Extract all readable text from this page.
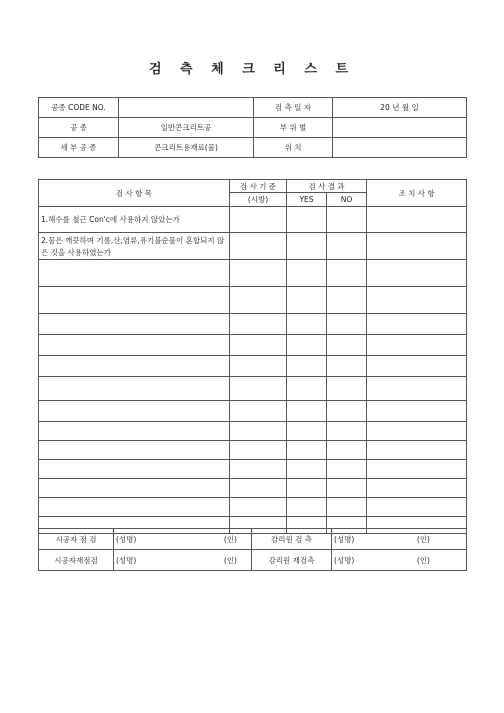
검 측 체 크 리 스 트
공종 CODE NO.		검 측 일 자	20 년 월 일
공 종	일반콘크리트공	부 위 별	
세 부 공 종	콘크리트용재료(물)	위 치	
검 사 항 목	검 사 기 준	검 사 결 과		조 치 사 항
	(시방)	YES	NO	
1.해수를 철근 Con'c에 사용하지 않았는가				
2.물은 깨끗하며 기름,산,염류,유기불순물이 혼합되지 않은 것을 사용하였는가				

시공자 점 검	(성명)	(인)	감리원 검 측	(성명)	(인)
시공자재점검	(성명)	(인)	감리원 재검측	(성명)	(인)
